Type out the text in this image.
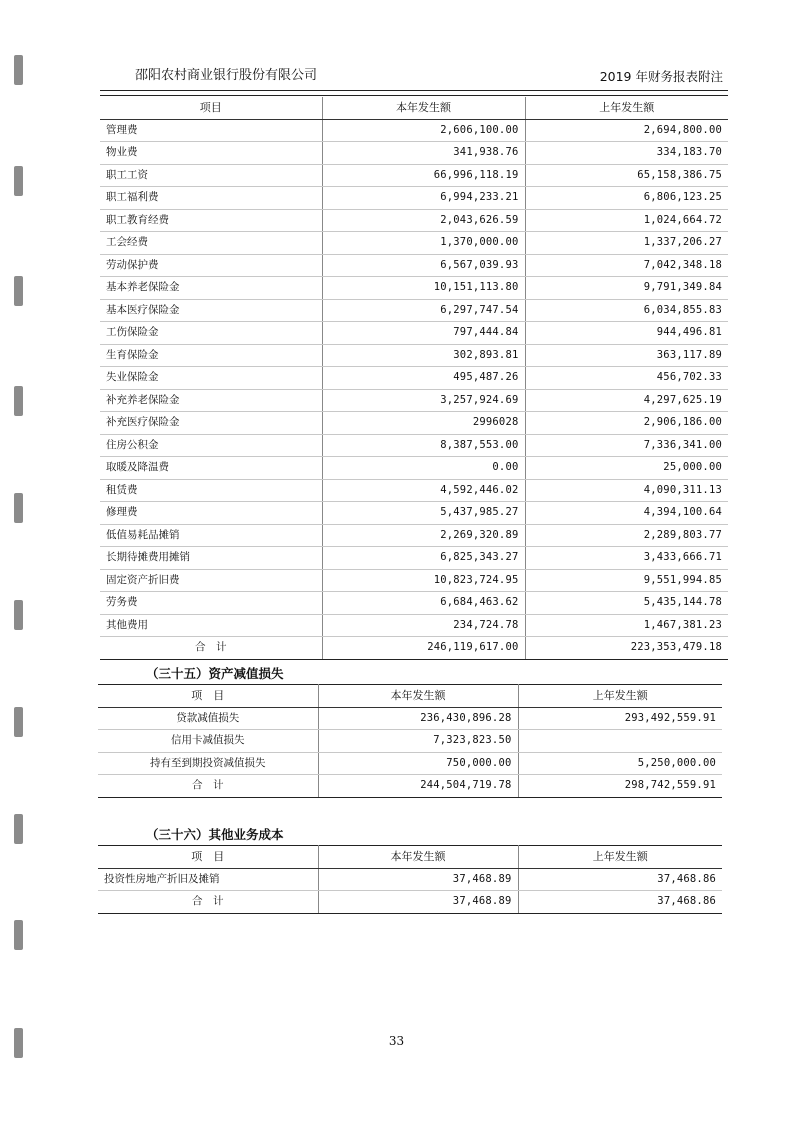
邵阳农村商业银行股份有限公司	2019 年财务报表附注
项目	本年发生额	上年发生额
管理费	2,606,100.00	2,694,800.00
物业费	341,938.76	334,183.70
职工工资	66,996,118.19	65,158,386.75
职工福利费	6,994,233.21	6,806,123.25
职工教育经费	2,043,626.59	1,024,664.72
工会经费	1,370,000.00	1,337,206.27
劳动保护费	6,567,039.93	7,042,348.18
基本养老保险金	10,151,113.80	9,791,349.84
基本医疗保险金	6,297,747.54	6,034,855.83
工伤保险金	797,444.84	944,496.81
生育保险金	302,893.81	363,117.89
失业保险金	495,487.26	456,702.33
补充养老保险金	3,257,924.69	4,297,625.19
补充医疗保险金	2996028	2,906,186.00
住房公积金	8,387,553.00	7,336,341.00
取暖及降温费	0.00	25,000.00
租赁费	4,592,446.02	4,090,311.13
修理费	5,437,985.27	4,394,100.64
低值易耗品摊销	2,269,320.89	2,289,803.77
长期待摊费用摊销	6,825,343.27	3,433,666.71
固定资产折旧费	10,823,724.95	9,551,994.85
劳务费	6,684,463.62	5,435,144.78
其他费用	234,724.78	1,467,381.23
合　计	246,119,617.00	223,353,479.18
（三十五）资产减值损失
项　目	本年发生额	上年发生额
贷款减值损失	236,430,896.28	293,492,559.91
信用卡减值损失	7,323,823.50	
持有至到期投资减值损失	750,000.00	5,250,000.00
合　计	244,504,719.78	298,742,559.91
（三十六）其他业务成本
项　目	本年发生额	上年发生额
投资性房地产折旧及摊销	37,468.89	37,468.86
合　计	37,468.89	37,468.86
33
